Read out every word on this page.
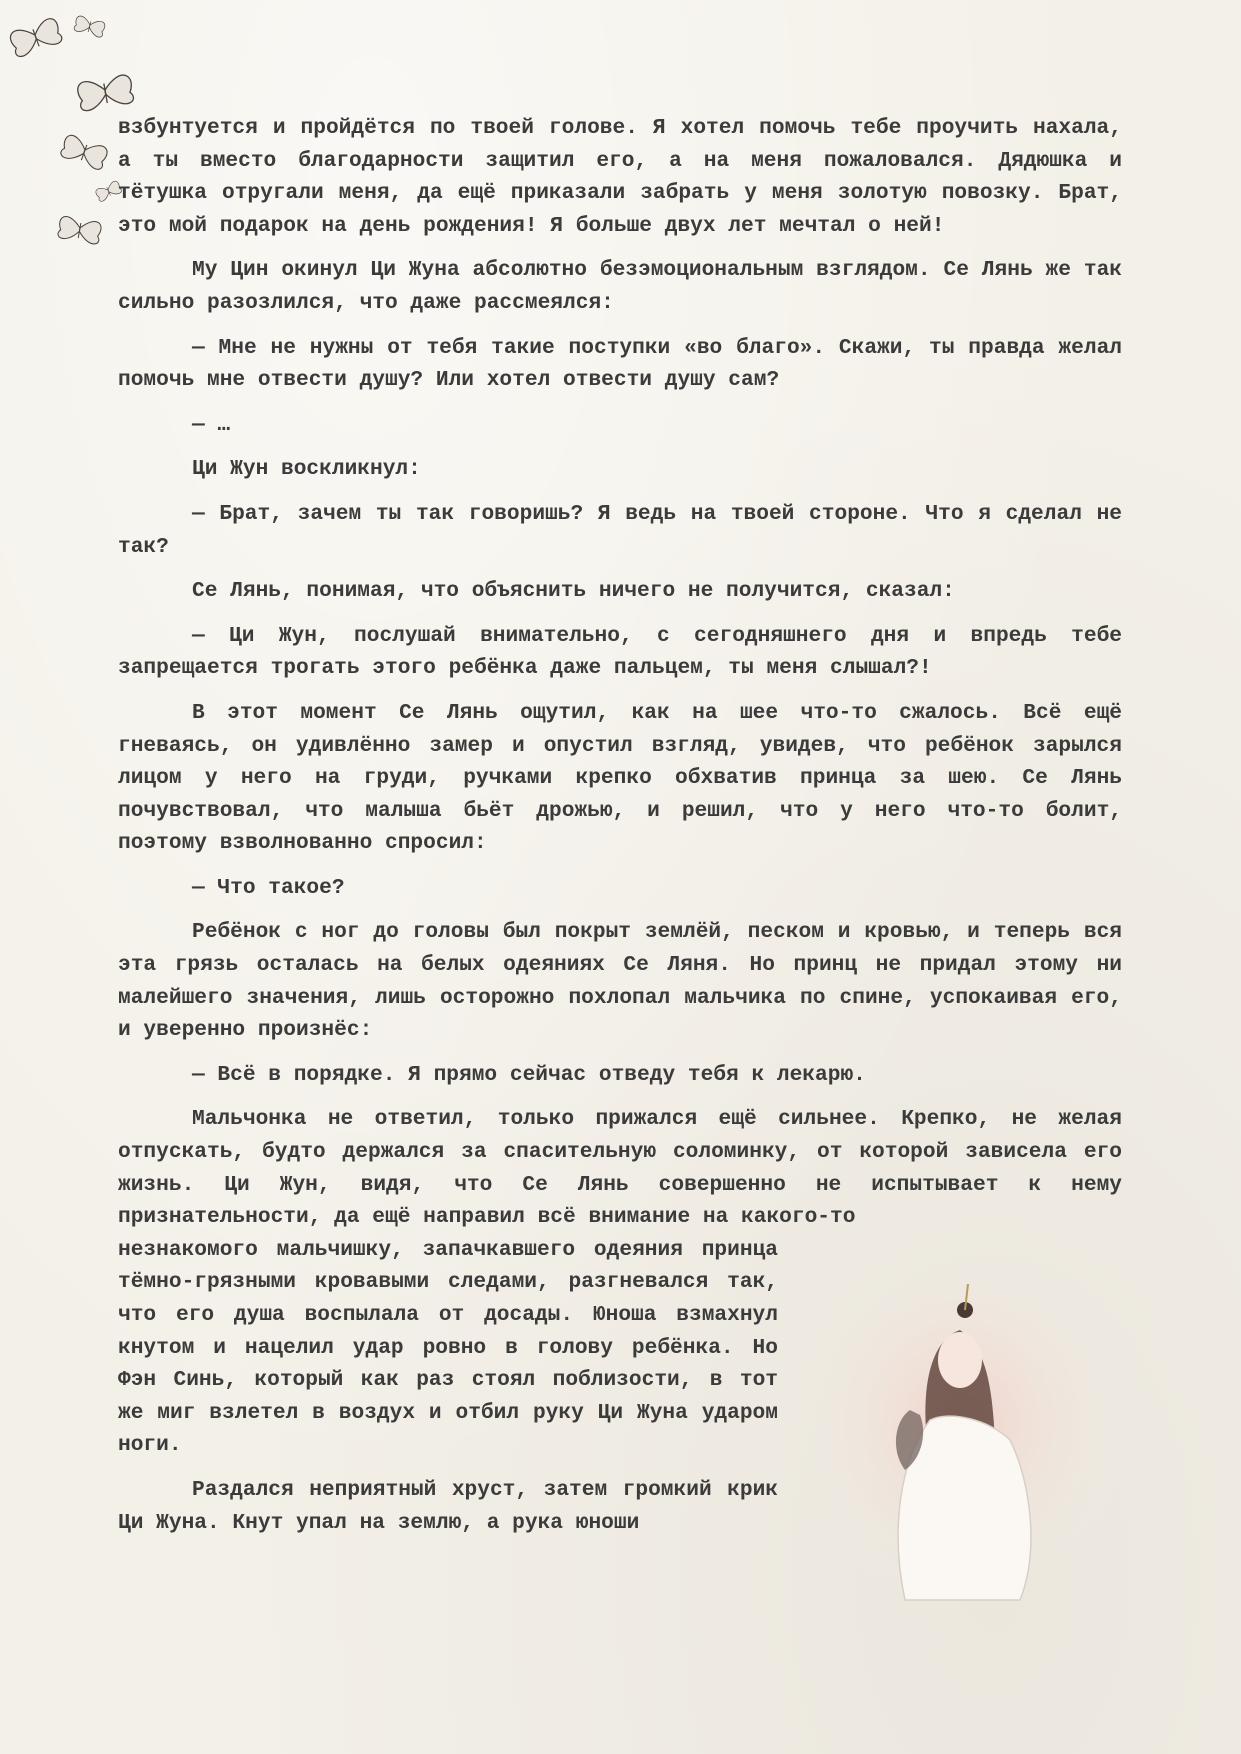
взбунтуется и пройдётся по твоей голове. Я хотел помочь тебе проучить нахала, а ты вместо благодарности защитил его, а на меня пожаловался. Дядюшка и тётушка отругали меня, да ещё приказали забрать у меня золотую повозку. Брат, это мой подарок на день рождения! Я больше двух лет мечтал о ней!

Му Цин окинул Ци Жуна абсолютно безэмоциональным взглядом. Се Лянь же так сильно разозлился, что даже рассмеялся:

— Мне не нужны от тебя такие поступки «во благо». Скажи, ты правда желал помочь мне отвести душу? Или хотел отвести душу сам?

— …

Ци Жун воскликнул:

— Брат, зачем ты так говоришь? Я ведь на твоей стороне. Что я сделал не так?

Се Лянь, понимая, что объяснить ничего не получится, сказал:

— Ци Жун, послушай внимательно, с сегодняшнего дня и впредь тебе запрещается трогать этого ребёнка даже пальцем, ты меня слышал?!

В этот момент Се Лянь ощутил, как на шее что-то сжалось. Всё ещё гневаясь, он удивлённо замер и опустил взгляд, увидев, что ребёнок зарылся лицом у него на груди, ручками крепко обхватив принца за шею. Се Лянь почувствовал, что малыша бьёт дрожью, и решил, что у него что-то болит, поэтому взволнованно спросил:

— Что такое?

Ребёнок с ног до головы был покрыт землёй, песком и кровью, и теперь вся эта грязь осталась на белых одеяниях Се Ляня. Но принц не придал этому ни малейшего значения, лишь осторожно похлопал мальчика по спине, успокаивая его, и уверенно произнёс:

— Всё в порядке. Я прямо сейчас отведу тебя к лекарю.

Мальчонка не ответил, только прижался ещё сильнее. Крепко, не желая отпускать, будто держался за спасительную соломинку, от которой зависела его жизнь. Ци Жун, видя, что Се Лянь совершенно не испытывает к нему признательности, да ещё направил всё внимание на какого-то

незнакомого мальчишку, запачкавшего одеяния принца тёмно-грязными кровавыми следами, разгневался так, что его душа воспылала от досады. Юноша взмахнул кнутом и нацелил удар ровно в голову ребёнка. Но Фэн Синь, который как раз стоял поблизости, в тот же миг взлетел в воздух и отбил руку Ци Жуна ударом ноги.

Раздался неприятный хруст, затем громкий крик Ци Жуна. Кнут упал на землю, а рука юноши
